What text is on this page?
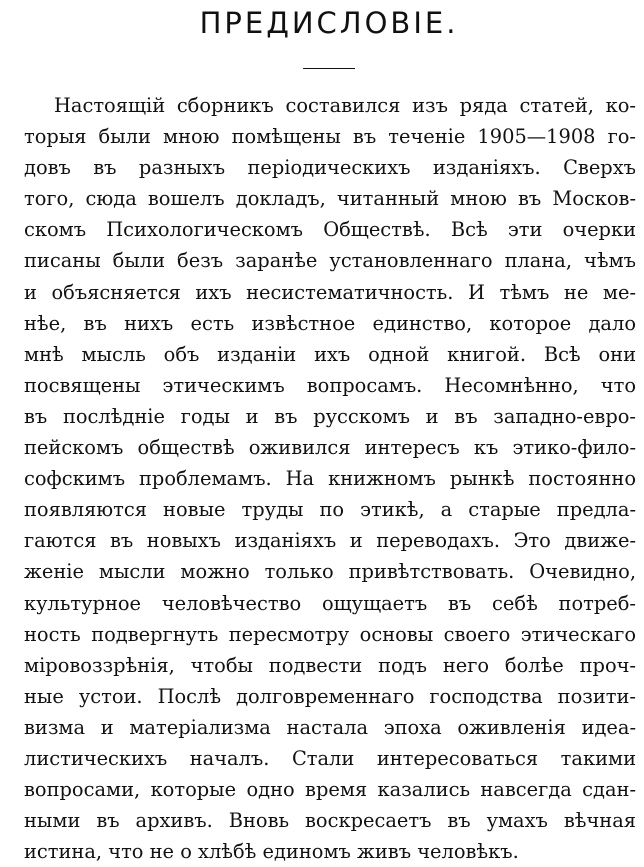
ПРЕДИСЛОВІЕ.
Настоящій сборникъ составился изъ ряда статей, ко-
торыя были мною помѣщены въ теченіе 1905—1908 го-
довъ въ разныхъ періодическихъ изданіяхъ. Сверхъ
того, сюда вошелъ докладъ, читанный мною въ Москов-
скомъ Психологическомъ Обществѣ. Всѣ эти очерки
писаны были безъ заранѣе установленнаго плана, чѣмъ
и объясняется ихъ несистематичность. И тѣмъ не ме-
нѣе, въ нихъ есть извѣстное единство, которое дало
мнѣ мысль объ изданіи ихъ одной книгой. Всѣ они
посвящены этическимъ вопросамъ. Несомнѣнно, что
въ послѣдніе годы и въ русскомъ и въ западно-евро-
пейскомъ обществѣ оживился интересъ къ этико-фило-
софскимъ проблемамъ. На книжномъ рынкѣ постоянно
появляются новые труды по этикѣ, а старые предла-
гаются въ новыхъ изданіяхъ и переводахъ. Это движе-
женіе мысли можно только привѣтствовать. Очевидно,
культурное человѣчество ощущаетъ въ себѣ потреб-
ность подвергнуть пересмотру основы своего этическаго
міровоззрѣнія, чтобы подвести подъ него болѣе проч-
ные устои. Послѣ долговременнаго господства позити-
визма и матеріализма настала эпоха оживленія идеа-
листическихъ началъ. Стали интересоваться такими
вопросами, которые одно время казались навсегда сдан-
ными въ архивъ. Вновь воскресаетъ въ умахъ вѣчная
истина, что не о хлѣбѣ единомъ живъ человѣкъ.
